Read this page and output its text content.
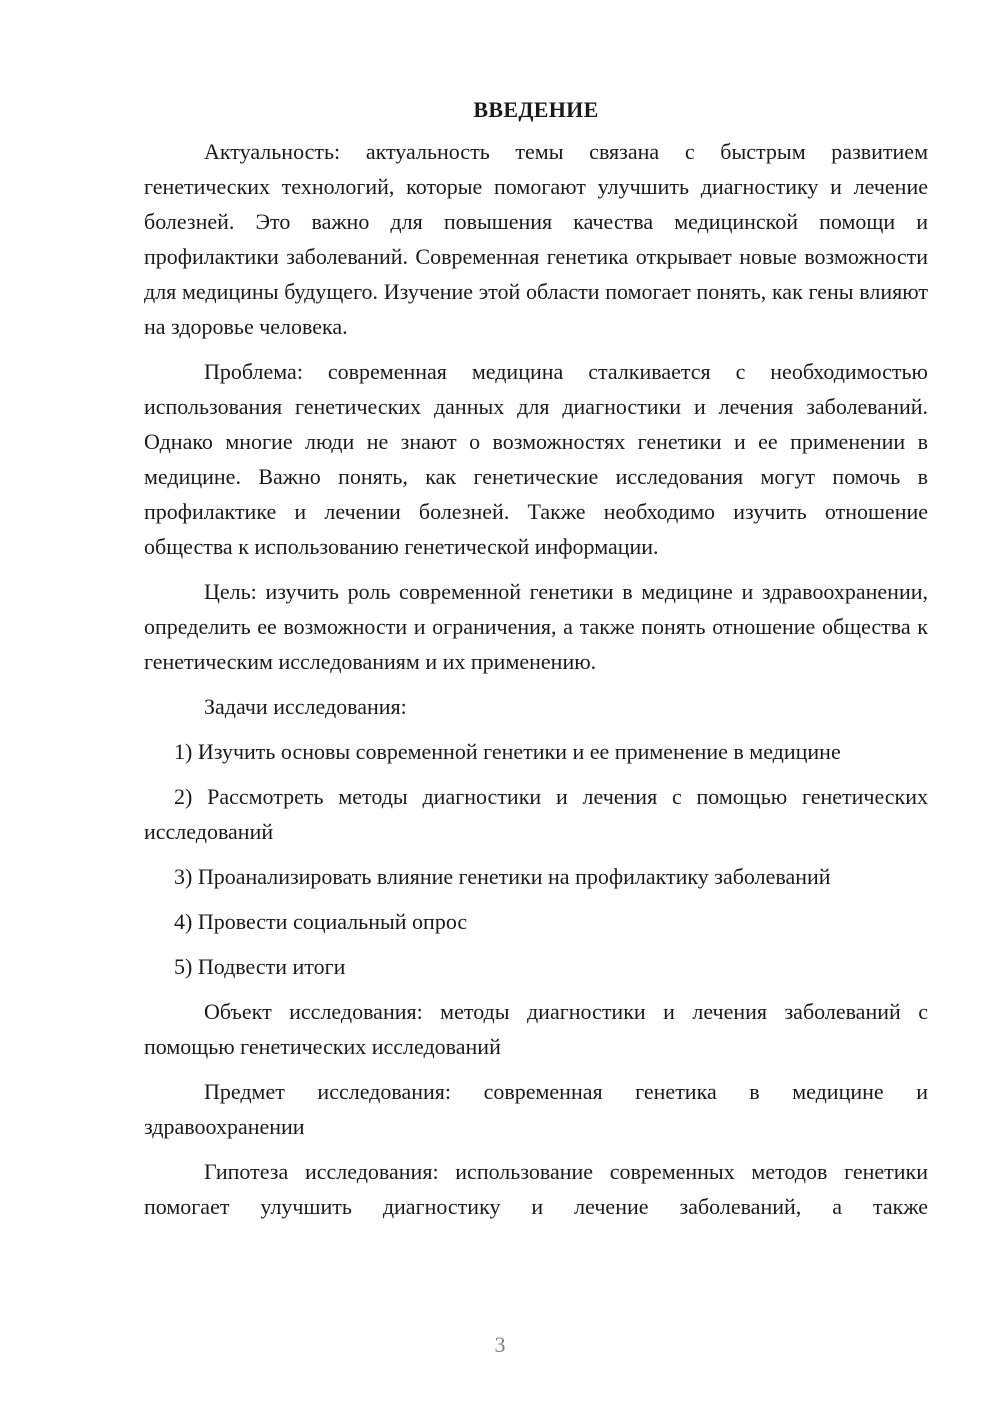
ВВЕДЕНИЕ

Актуальность: актуальность темы связана с быстрым развитием генетических технологий, которые помогают улучшить диагностику и лечение болезней. Это важно для повышения качества медицинской помощи и профилактики заболеваний. Современная генетика открывает новые возможности для медицины будущего. Изучение этой области помогает понять, как гены влияют на здоровье человека.

Проблема: современная медицина сталкивается с необходимостью использования генетических данных для диагностики и лечения заболеваний. Однако многие люди не знают о возможностях генетики и ее применении в медицине. Важно понять, как генетические исследования могут помочь в профилактике и лечении болезней. Также необходимо изучить отношение общества к использованию генетической информации.

Цель: изучить роль современной генетики в медицине и здравоохранении, определить ее возможности и ограничения, а также понять отношение общества к генетическим исследованиям и их применению.

Задачи исследования:

1) Изучить основы современной генетики и ее применение в медицине

2) Рассмотреть методы диагностики и лечения с помощью генетических исследований

3) Проанализировать влияние генетики на профилактику заболеваний

4) Провести социальный опрос

5) Подвести итоги

Объект исследования: методы диагностики и лечения заболеваний с помощью генетических исследований

Предмет исследования: современная генетика в медицине и здравоохранении

Гипотеза исследования: использование современных методов генетики помогает улучшить диагностику и лечение заболеваний, а также

3
